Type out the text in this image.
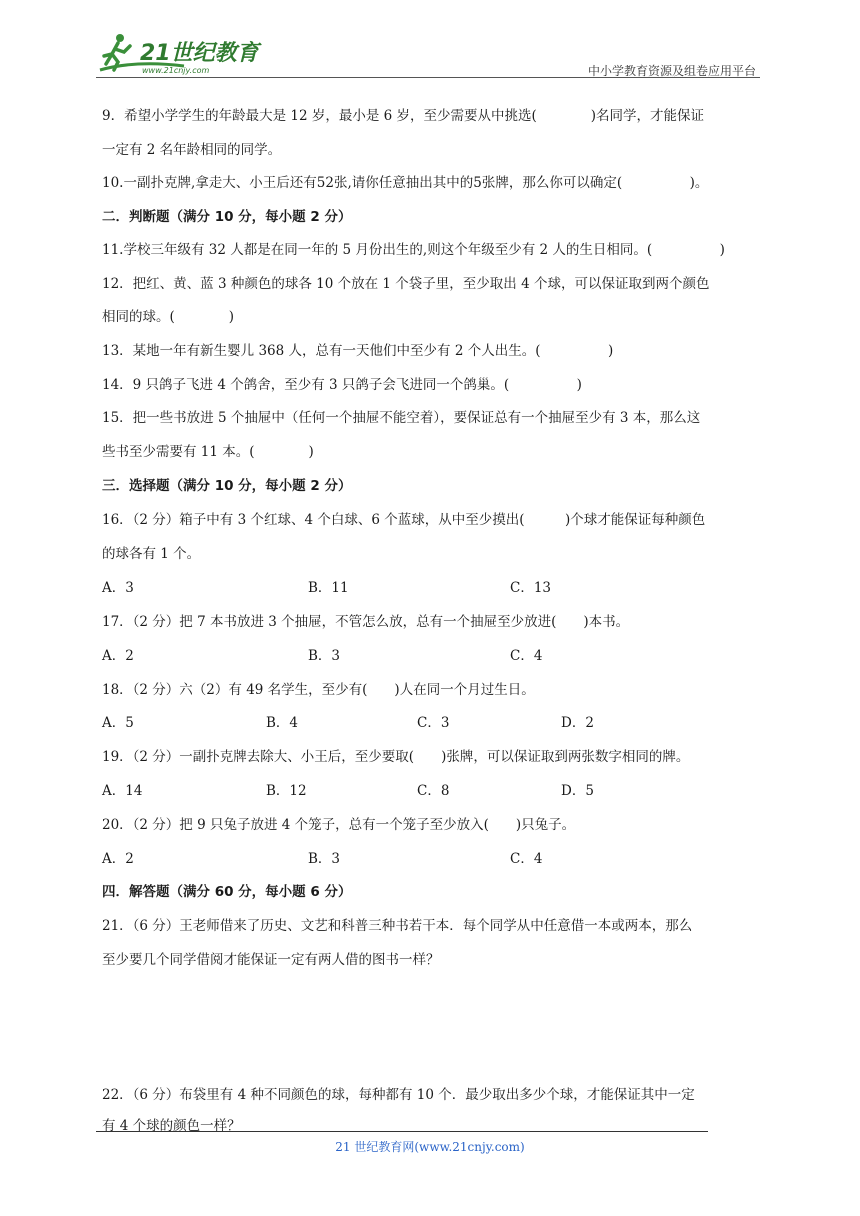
21世纪教育
www.21cnjy.com	中小学教育资源及组卷应用平台
9．希望小学学生的年龄最大是 12 岁，最小是 6 岁，至少需要从中挑选(　　　　)名同学，才能保证
一定有 2 名年龄相同的同学。
10.一副扑克牌,拿走大、小王后还有52张,请你任意抽出其中的5张牌，那么你可以确定(　　　　　)。
二．判断题（满分 10 分，每小题 2 分）
11.学校三年级有 32 人都是在同一年的 5 月份出生的,则这个年级至少有 2 人的生日相同。(　　　　　)
12．把红、黄、蓝 3 种颜色的球各 10 个放在 1 个袋子里，至少取出 4 个球，可以保证取到两个颜色
相同的球。(　　　　)
13．某地一年有新生婴儿 368 人，总有一天他们中至少有 2 个人出生。(　　　　　)
14．9 只鸽子飞进 4 个鸽舍，至少有 3 只鸽子会飞进同一个鸽巢。(　　　　　)
15．把一些书放进 5 个抽屉中（任何一个抽屉不能空着），要保证总有一个抽屉至少有 3 本，那么这
些书至少需要有 11 本。(　　　　)
三．选择题（满分 10 分，每小题 2 分）
16．（2 分）箱子中有 3 个红球、4 个白球、6 个蓝球，从中至少摸出(　　　)个球才能保证每种颜色
的球各有 1 个。
A．3	B．11	C．13
17．（2 分）把 7 本书放进 3 个抽屉，不管怎么放，总有一个抽屉至少放进(　　)本书。
A．2	B．3	C．4
18．（2 分）六（2）有 49 名学生，至少有(　　)人在同一个月过生日。
A．5	B．4	C．3	D．2
19．（2 分）一副扑克牌去除大、小王后，至少要取(　　)张牌，可以保证取到两张数字相同的牌。
A．14	B．12	C．8	D．5
20．（2 分）把 9 只兔子放进 4 个笼子，总有一个笼子至少放入(　　)只兔子。
A．2	B．3	C．4
四．解答题（满分 60 分，每小题 6 分）
21．（6 分）王老师借来了历史、文艺和科普三种书若干本．每个同学从中任意借一本或两本，那么
至少要几个同学借阅才能保证一定有两人借的图书一样？
22．（6 分）布袋里有 4 种不同颜色的球，每种都有 10 个．最少取出多少个球，才能保证其中一定
有 4 个球的颜色一样？
21 世纪教育网(www.21cnjy.com)
